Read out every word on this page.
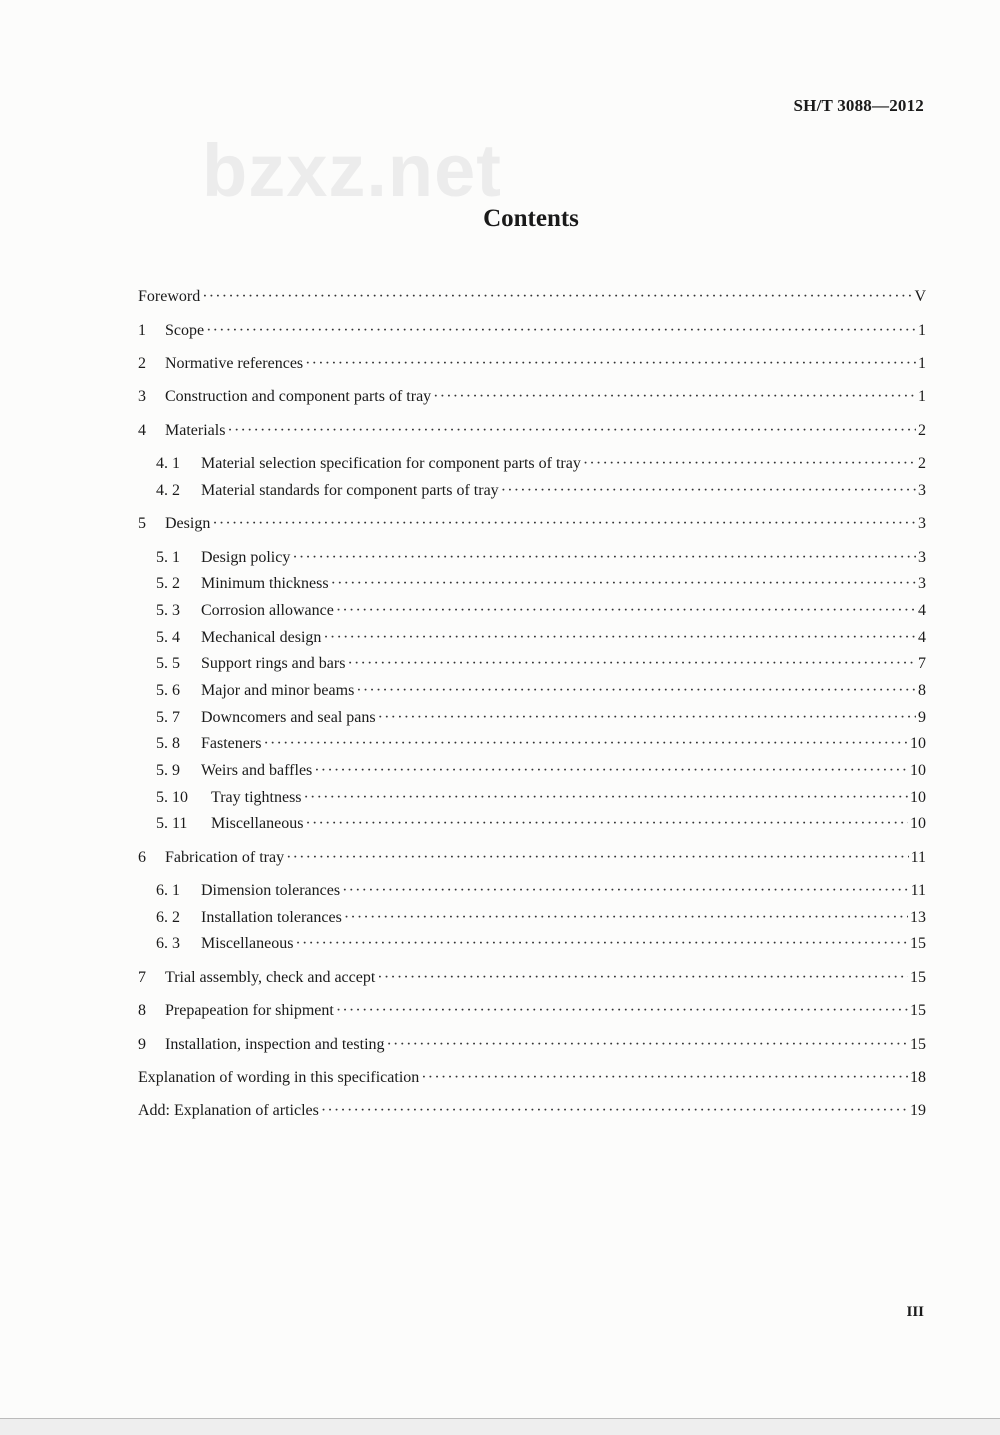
bzxz.net
SH/T 3088—2012
Contents
Foreword ·····	V
1	Scope ·····	1
2	Normative references ·····	1
3	Construction and component parts of tray ·····	1
4	Materials ·····	2
4. 1	Material selection specification for component parts of tray ·····	2
4. 2	Material standards for component parts of tray ·····	3
5	Design ·····	3
5. 1	Design policy ·····	3
5. 2	Minimum thickness ·····	3
5. 3	Corrosion allowance ·····	4
5. 4	Mechanical design ·····	4
5. 5	Support rings and bars ·····	7
5. 6	Major and minor beams ·····	8
5. 7	Downcomers and seal pans ·····	9
5. 8	Fasteners ·····	10
5. 9	Weirs and baffles ·····	10
5. 10	Tray tightness ·····	10
5. 11	Miscellaneous ·····	10
6	Fabrication of tray ·····	11
6. 1	Dimension tolerances ·····	11
6. 2	Installation tolerances ·····	13
6. 3	Miscellaneous ·····	15
7	Trial assembly, check and accept ·····	15
8	Prepapeation for shipment ·····	15
9	Installation, inspection and testing ·····	15
Explanation of wording in this specification ·····	18
Add: Explanation of articles ·····	19
III
